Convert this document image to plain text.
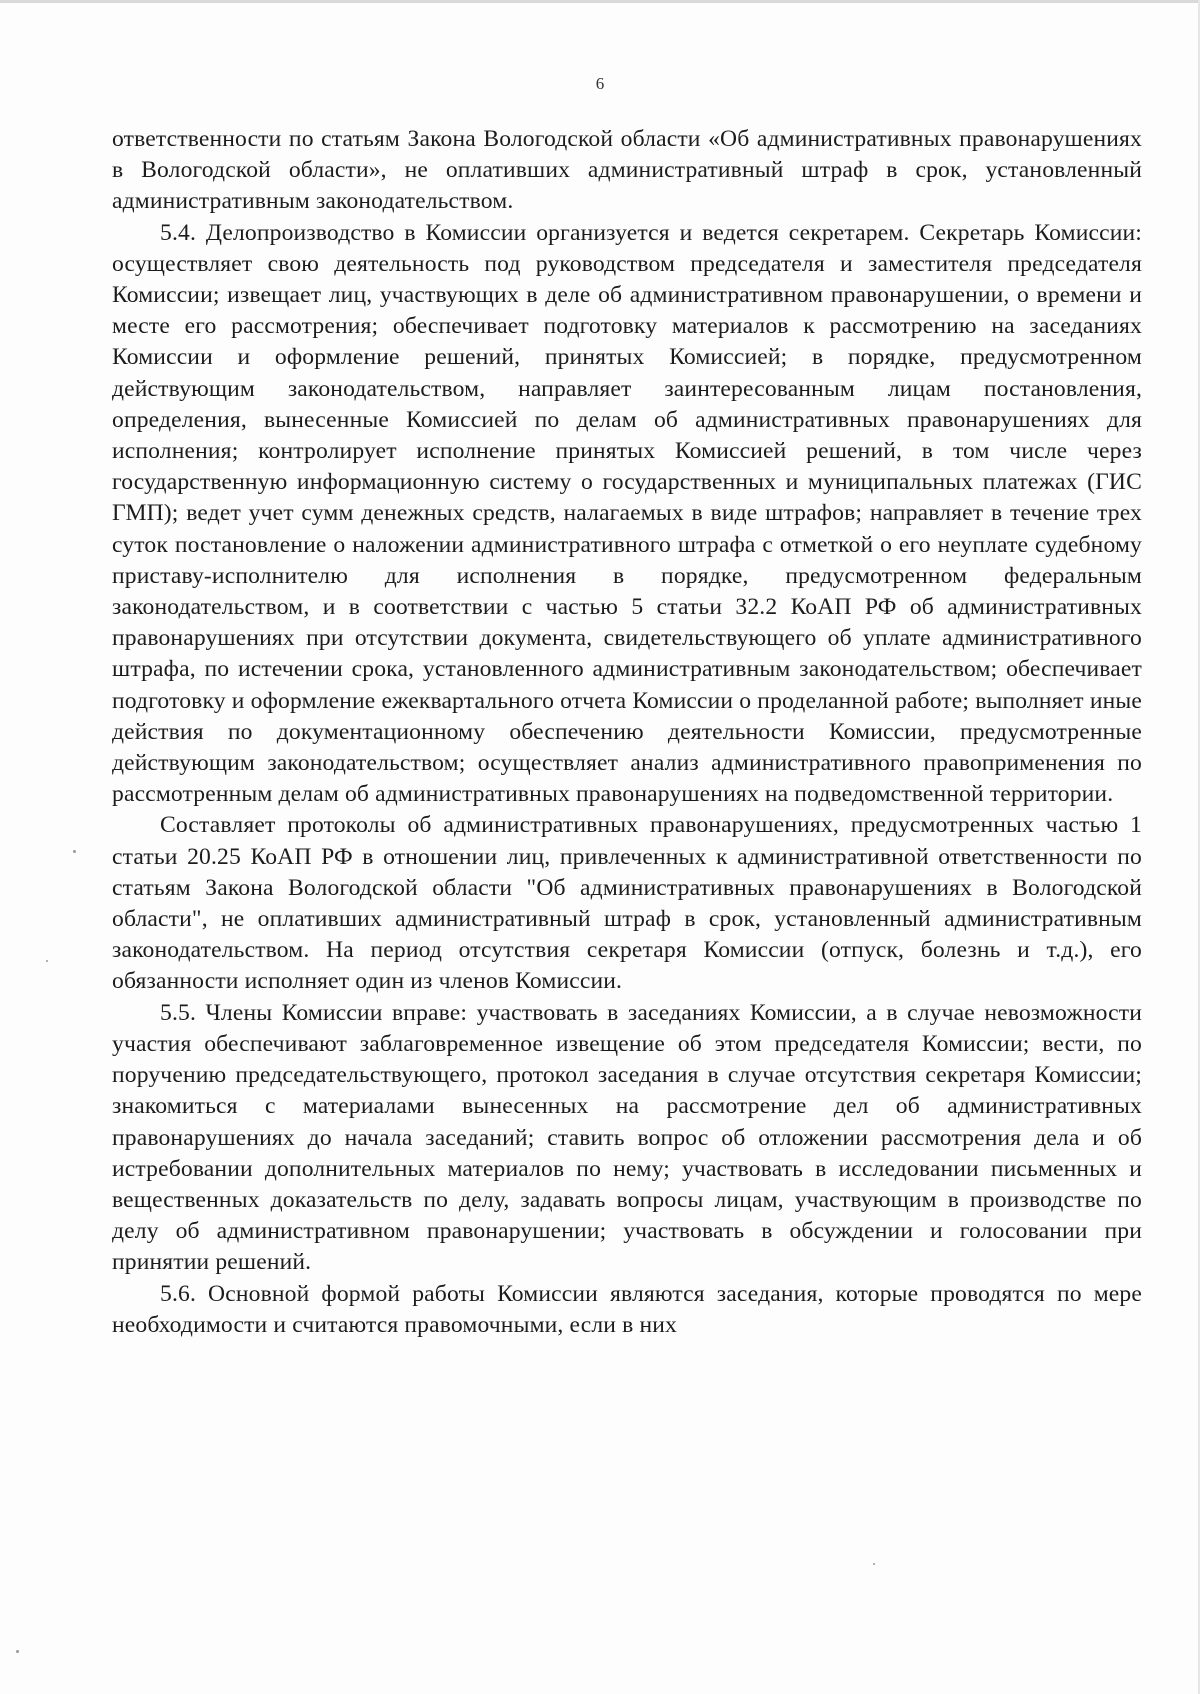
6

ответственности по статьям Закона Вологодской области «Об административных правонарушениях в Вологодской области», не оплативших административный штраф в срок, установленный административным законодательством.

5.4. Делопроизводство в Комиссии организуется и ведется секретарем. Секретарь Комиссии: осуществляет свою деятельность под руководством председателя и заместителя председателя Комиссии; извещает лиц, участвующих в деле об административном правонарушении, о времени и месте его рассмотрения; обеспечивает подготовку материалов к рассмотрению на заседаниях Комиссии и оформление решений, принятых Комиссией; в порядке, предусмотренном действующим законодательством, направляет заинтересованным лицам постановления, определения, вынесенные Комиссией по делам об административных правонарушениях для исполнения; контролирует исполнение принятых Комиссией решений, в том числе через государственную информационную систему о государственных и муниципальных платежах (ГИС ГМП); ведет учет сумм денежных средств, налагаемых в виде штрафов; направляет в течение трех суток постановление о наложении административного штрафа с отметкой о его неуплате судебному приставу-исполнителю для исполнения в порядке, предусмотренном федеральным законодательством, и в соответствии с частью 5 статьи 32.2 КоАП РФ об административных правонарушениях при отсутствии документа, свидетельствующего об уплате административного штрафа, по истечении срока, установленного административным законодательством; обеспечивает подготовку и оформление ежеквартального отчета Комиссии о проделанной работе; выполняет иные действия по документационному обеспечению деятельности Комиссии, предусмотренные действующим законодательством; осуществляет анализ административного правоприменения по рассмотренным делам об административных правонарушениях на подведомственной территории.

Составляет протоколы об административных правонарушениях, предусмотренных частью 1 статьи 20.25 КоАП РФ в отношении лиц, привлеченных к административной ответственности по статьям Закона Вологодской области "Об административных правонарушениях в Вологодской области", не оплативших административный штраф в срок, установленный административным законодательством. На период отсутствия секретаря Комиссии (отпуск, болезнь и т.д.), его обязанности исполняет один из членов Комиссии.

5.5. Члены Комиссии вправе: участвовать в заседаниях Комиссии, а в случае невозможности участия обеспечивают заблаговременное извещение об этом председателя Комиссии; вести, по поручению председательствующего, протокол заседания в случае отсутствия секретаря Комиссии; знакомиться с материалами вынесенных на рассмотрение дел об административных правонарушениях до начала заседаний; ставить вопрос об отложении рассмотрения дела и об истребовании дополнительных материалов по нему; участвовать в исследовании письменных и вещественных доказательств по делу, задавать вопросы лицам, участвующим в производстве по делу об административном правонарушении; участвовать в обсуждении и голосовании при принятии решений.

5.6. Основной формой работы Комиссии являются заседания, которые проводятся по мере необходимости и считаются правомочными, если в них
